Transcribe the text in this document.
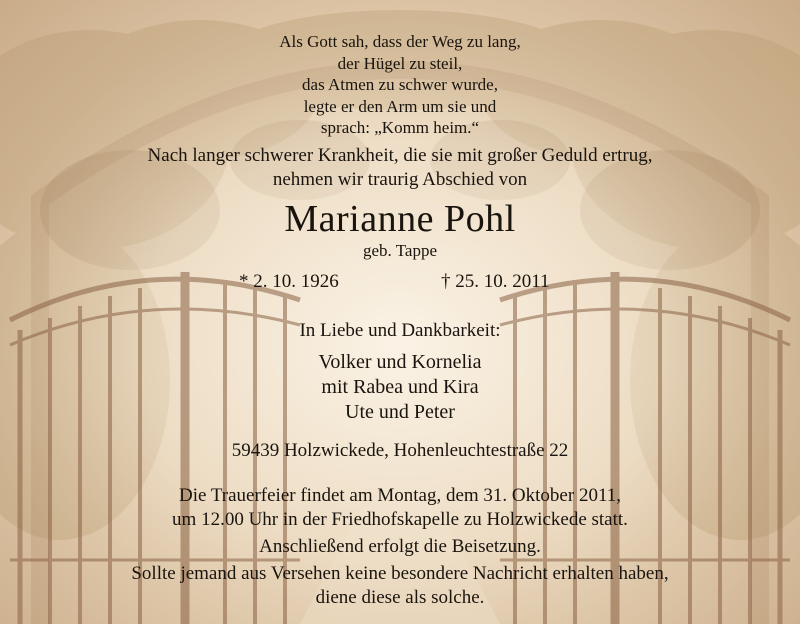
Als Gott sah, dass der Weg zu lang,
der Hügel zu steil,
das Atmen zu schwer wurde,
legte er den Arm um sie und
sprach: „Komm heim.“
Nach langer schwerer Krankheit, die sie mit großer Geduld ertrug,
nehmen wir traurig Abschied von
Marianne Pohl
geb. Tappe
* 2. 10. 1926	† 25. 10. 2011
In Liebe und Dankbarkeit:
Volker und Kornelia
mit Rabea und Kira
Ute und Peter
59439 Holzwickede, Hohenleuchtestraße 22
Die Trauerfeier findet am Montag, dem 31. Oktober 2011,
um 12.00 Uhr in der Friedhofskapelle zu Holzwickede statt.
Anschließend erfolgt die Beisetzung.
Sollte jemand aus Versehen keine besondere Nachricht erhalten haben,
diene diese als solche.
